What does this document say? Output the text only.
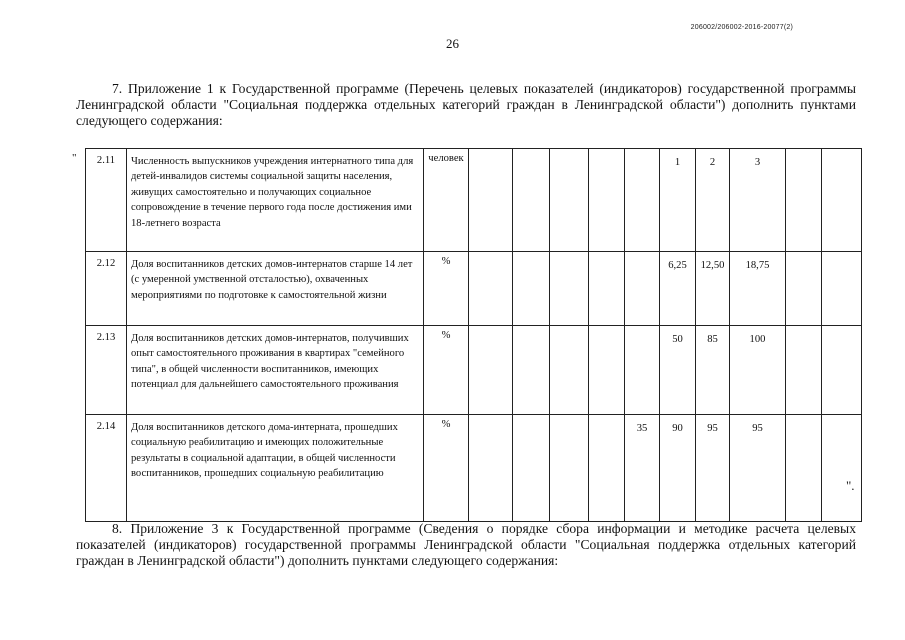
206002/206002-2016-20077(2)
26
7. Приложение 1 к Государственной программе (Перечень целевых показателей (индикаторов) государственной программы Ленинградской области "Социальная поддержка отдельных категорий граждан в Ленинградской области") дополнить пунктами следующего содержания:
" 2.11	Численность выпускников учреждения интернатного типа для детей-инвалидов системы социальной защиты населения, живущих самостоятельно и получающих социальное сопровождение в течение первого года после достижения ими 18-летнего возраста	человек						1	2	3		
2.12	Доля воспитанников детских домов-интернатов старше 14 лет (с умеренной умственной отсталостью), охваченных мероприятиями по подготовке к самостоятельной жизни	%						6,25	12,50	18,75		
2.13	Доля воспитанников детских домов-интернатов, получивших опыт самостоятельного проживания в квартирах "семейного типа", в общей численности воспитанников, имеющих потенциал для дальнейшего самостоятельного проживания	%						50	85	100		
2.14	Доля воспитанников детского дома-интерната, прошедших социальную реабилитацию и имеющих положительные результаты в социальной адаптации, в общей численности воспитанников, прошедших социальную реабилитацию	%					35	90	95	95		
".
8. Приложение 3 к Государственной программе (Сведения о порядке сбора информации и методике расчета целевых показателей (индикаторов) государственной программы Ленинградской области "Социальная поддержка отдельных категорий граждан в Ленинградской области") дополнить пунктами следующего содержания:
